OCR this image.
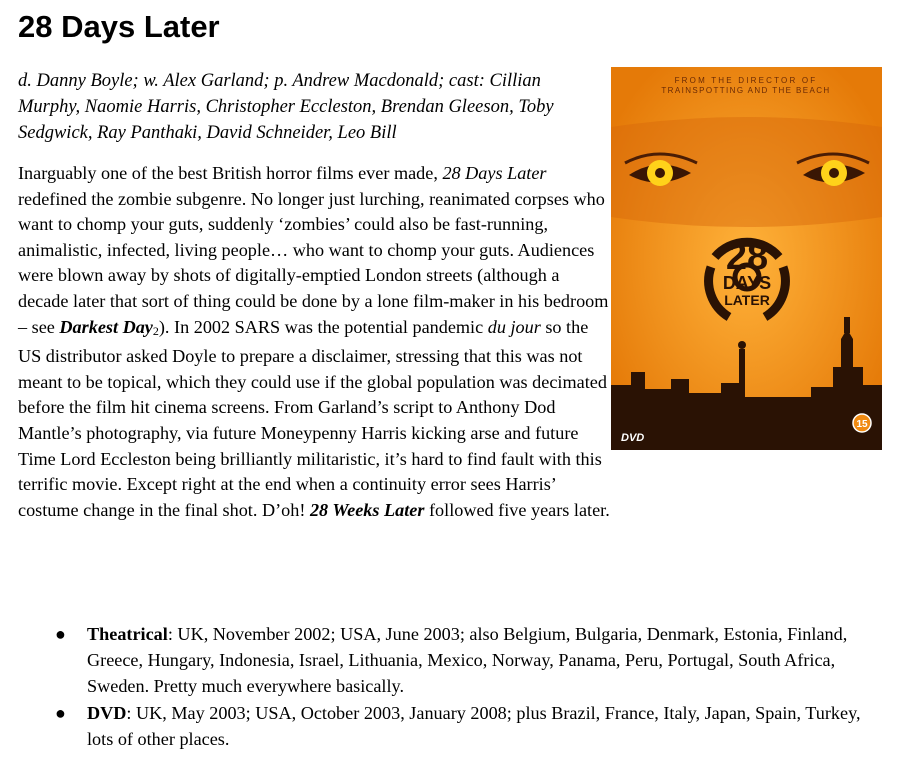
28 Days Later

d. Danny Boyle; w. Alex Garland; p. Andrew Macdonald; cast: Cillian Murphy, Naomie Harris, Christopher Eccleston, Brendan Gleeson, Toby Sedgwick, Ray Panthaki, David Schneider, Leo Bill

Inarguably one of the best British horror films ever made, 28 Days Later redefined the zombie subgenre. No longer just lurching, reanimated corpses who want to chomp your guts, suddenly ‘zombies’ could also be fast-running, animalistic, infected, living people… who want to chomp your guts. Audiences were blown away by shots of digitally-emptied London streets (although a decade later that sort of thing could be done by a lone film-maker in his bedroom – see Darkest Day2). In 2002 SARS was the potential pandemic du jour so the US distributor asked Doyle to prepare a disclaimer, stressing that this was not meant to be topical, which they could use if the global population was decimated before the film hit cinema screens. From Garland’s script to Anthony Dod Mantle’s photography, via future Moneypenny Harris kicking arse and future Time Lord Eccleston being brilliantly militaristic, it’s hard to find fault with this terrific movie. Except right at the end when a continuity error sees Harris’ costume change in the final shot. D’oh! 28 Weeks Later followed five years later.

FROM THE DIRECTOR OF
TRAINSPOTTING AND THE BEACH
28
DAYS
LATER
DVD
15
● Theatrical: UK, November 2002; USA, June 2003; also Belgium, Bulgaria, Denmark, Estonia, Finland, Greece, Hungary, Indonesia, Israel, Lithuania, Mexico, Norway, Panama, Peru, Portugal, South Africa, Sweden. Pretty much everywhere basically.
● DVD: UK, May 2003; USA, October 2003, January 2008; plus Brazil, France, Italy, Japan, Spain, Turkey, lots of other places.
